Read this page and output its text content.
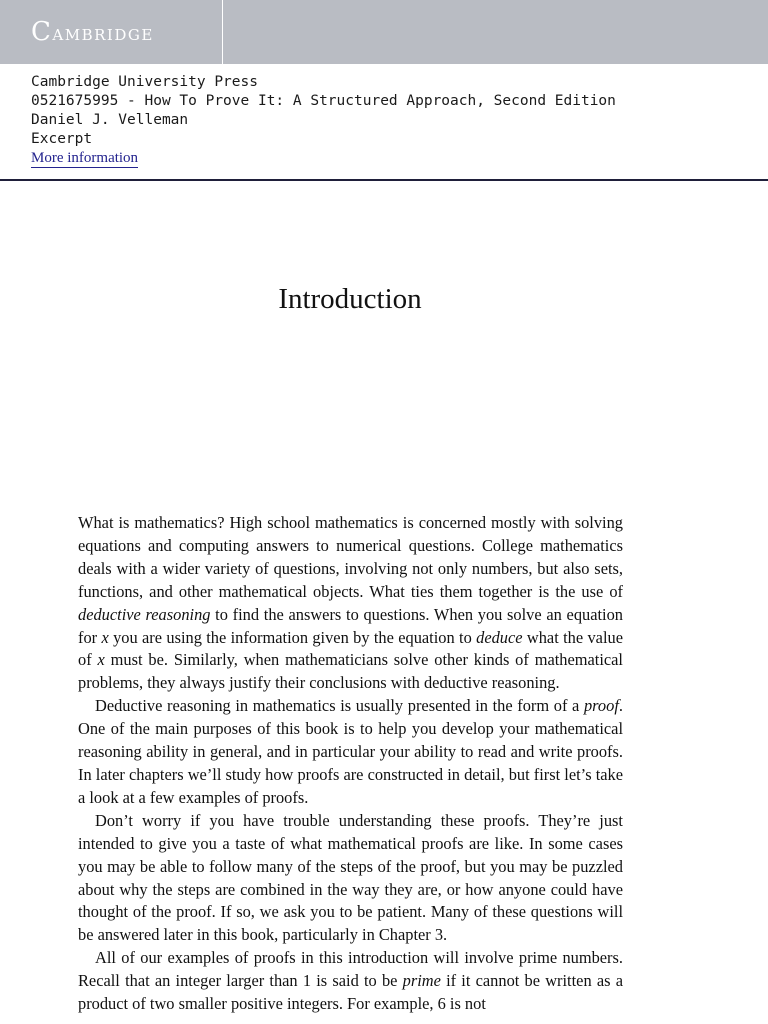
Cambridge
Cambridge University Press
0521675995 - How To Prove It: A Structured Approach, Second Edition
Daniel J. Velleman
Excerpt
More information
Introduction

What is mathematics? High school mathematics is concerned mostly with solving equations and computing answers to numerical questions. College mathematics deals with a wider variety of questions, involving not only numbers, but also sets, functions, and other mathematical objects. What ties them together is the use of deductive reasoning to find the answers to questions. When you solve an equation for x you are using the information given by the equation to deduce what the value of x must be. Similarly, when mathematicians solve other kinds of mathematical problems, they always justify their conclusions with deductive reasoning.

Deductive reasoning in mathematics is usually presented in the form of a proof. One of the main purposes of this book is to help you develop your mathematical reasoning ability in general, and in particular your ability to read and write proofs. In later chapters we’ll study how proofs are constructed in detail, but first let’s take a look at a few examples of proofs.

Don’t worry if you have trouble understanding these proofs. They’re just intended to give you a taste of what mathematical proofs are like. In some cases you may be able to follow many of the steps of the proof, but you may be puzzled about why the steps are combined in the way they are, or how anyone could have thought of the proof. If so, we ask you to be patient. Many of these questions will be answered later in this book, particularly in Chapter 3.

All of our examples of proofs in this introduction will involve prime numbers. Recall that an integer larger than 1 is said to be prime if it cannot be written as a product of two smaller positive integers. For example, 6 is not
